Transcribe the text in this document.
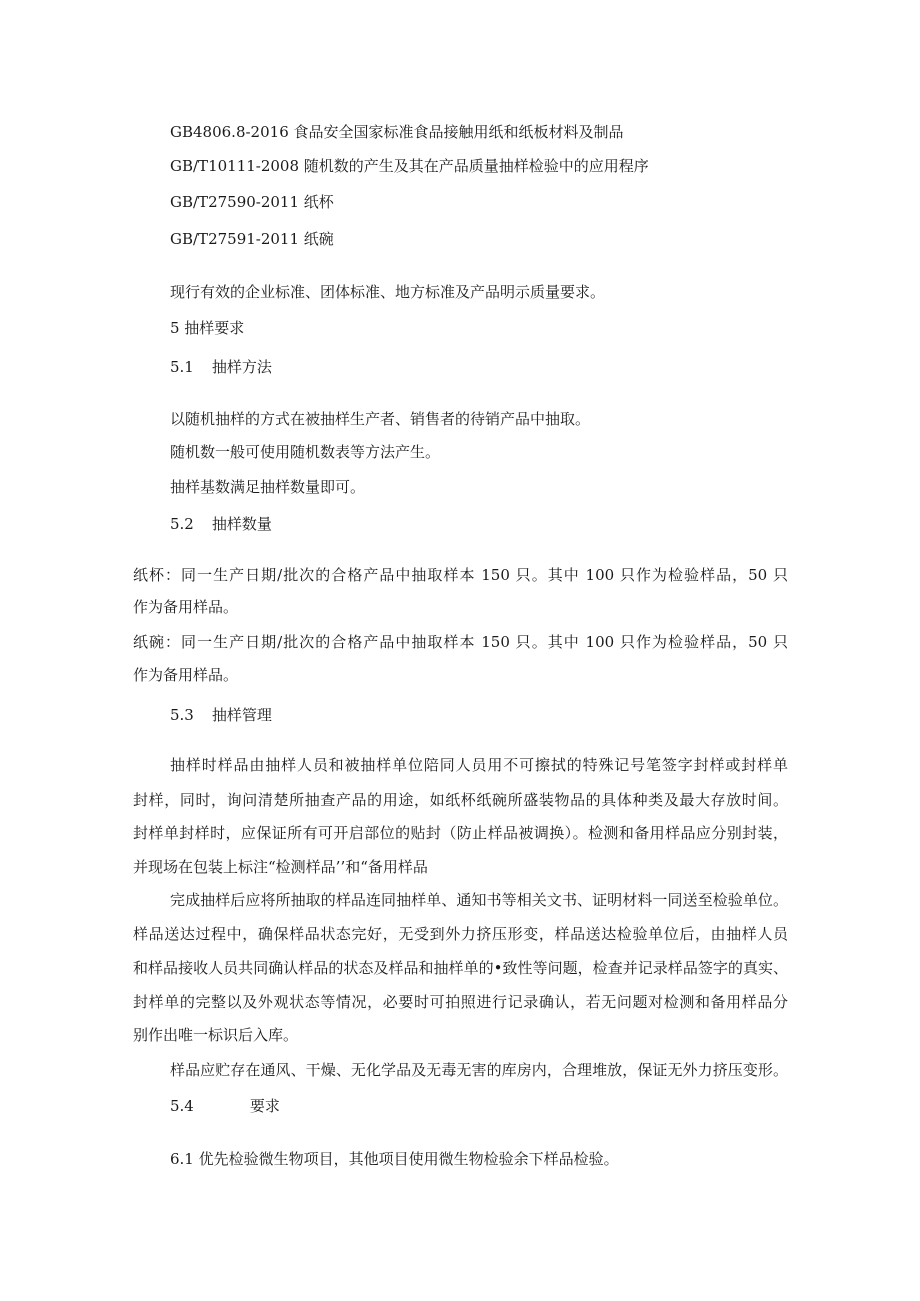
GB4806.8-2016 食品安全国家标准食品接触用纸和纸板材料及制品

GB/T10111-2008 随机数的产生及其在产品质量抽样检验中的应用程序

GB/T27590-2011 纸杯

GB/T27591-2011 纸碗

现行有效的企业标准、团体标准、地方标准及产品明示质量要求。

5 抽样要求

5.1 抽样方法

以随机抽样的方式在被抽样生产者、销售者的待销产品中抽取。

随机数一般可使用随机数表等方法产生。

抽样基数满足抽样数量即可。

5.2 抽样数量

纸杯：同一生产日期/批次的合格产品中抽取样本 150 只。其中 100 只作为检验样品，50 只

作为备用样品。

纸碗：同一生产日期/批次的合格产品中抽取样本 150 只。其中 100 只作为检验样品，50 只

作为备用样品。

5.3 抽样管理

抽样时样品由抽样人员和被抽样单位陪同人员用不可擦拭的特殊记号笔签字封样或封样单

封样，同时，询问清楚所抽查产品的用途，如纸杯纸碗所盛装物品的具体种类及最大存放时间。

封样单封样时，应保证所有可开启部位的贴封（防止样品被调换）。检测和备用样品应分别封装，

并现场在包装上标注“检测样品’’和“备用样品

完成抽样后应将所抽取的样品连同抽样单、通知书等相关文书、证明材料一同送至检验单位。

样品送达过程中，确保样品状态完好，无受到外力挤压形变，样品送达检验单位后，由抽样人员

和样品接收人员共同确认样品的状态及样品和抽样单的•致性等问题，检查并记录样品签字的真实、

封样单的完整以及外观状态等情况，必要时可拍照进行记录确认，若无问题对检测和备用样品分

别作出唯一标识后入库。

样品应贮存在通风、干燥、无化学品及无毒无害的库房内，合理堆放，保证无外力挤压变形。

5.4	要求

6.1 优先检验微生物项目，其他项目使用微生物检验余下样品检验。
